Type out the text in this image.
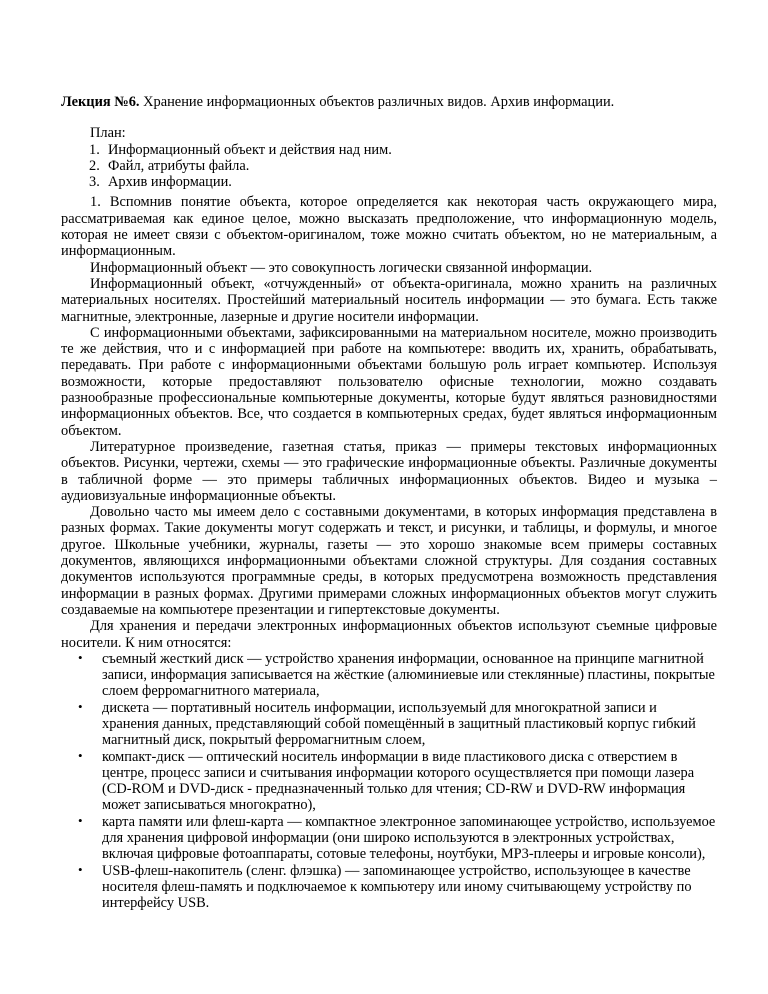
Лекция №6. Хранение информационных объектов различных видов. Архив информации.

План:

1. Информационный объект и действия над ним.
2. Файл, атрибуты файла.
3. Архив информации.

1. Вспомнив понятие объекта, которое определяется как некоторая часть окружающего мира, рассматриваемая как единое целое, можно высказать предположение, что информационную модель, которая не имеет связи с объектом-оригиналом, тоже можно считать объектом, но не материальным, а информационным.

Информационный объект — это совокупность логически связанной информации.

Информационный объект, «отчужденный» от объекта-оригинала, можно хранить на различных материальных носителях. Простейший материальный носитель информации — это бумага. Есть также магнитные, электронные, лазерные и другие носители информации.

С информационными объектами, зафиксированными на материальном носителе, можно производить те же действия, что и с информацией при работе на компьютере: вводить их, хранить, обрабатывать, передавать. При работе с информационными объектами большую роль играет компьютер. Используя возможности, которые предоставляют пользователю офисные технологии, можно создавать разнообразные профессиональные компьютерные документы, которые будут являться разновидностями информационных объектов. Все, что создается в компьютерных средах, будет являться информационным объектом.

Литературное произведение, газетная статья, приказ — примеры текстовых информационных объектов. Рисунки, чертежи, схемы — это графические информационные объекты. Различные документы в табличной форме — это примеры табличных информационных объектов. Видео и музыка – аудиовизуальные информационные объекты.

Довольно часто мы имеем дело с составными документами, в которых информация представлена в разных формах. Такие документы могут содержать и текст, и рисунки, и таблицы, и формулы, и многое другое. Школьные учебники, журналы, газеты — это хорошо знакомые всем примеры составных документов, являющихся информационными объектами сложной структуры. Для создания составных документов используются программные среды, в которых предусмотрена возможность представления информации в разных формах. Другими примерами сложных информационных объектов могут служить создаваемые на компьютере презентации и гипертекстовые документы.

Для хранения и передачи электронных информационных объектов используют съемные цифровые носители. К ним относятся:

• съемный жесткий диск — устройство хранения информации, основанное на принципе магнитной записи, информация записывается на жёсткие (алюминиевые или стеклянные) пластины, покрытые слоем ферромагнитного материала,
• дискета — портативный носитель информации, используемый для многократной записи и хранения данных, представляющий собой помещённый в защитный пластиковый корпус гибкий магнитный диск, покрытый ферромагнитным слоем,
• компакт-диск — оптический носитель информации в виде пластикового диска с отверстием в центре, процесс записи и считывания информации которого осуществляется при помощи лазера (CD-ROM и DVD-диск - предназначенный только для чтения; CD-RW и DVD-RW информация может записываться многократно),
• карта памяти или флеш-карта — компактное электронное запоминающее устройство, используемое для хранения цифровой информации (они широко используются в электронных устройствах, включая цифровые фотоаппараты, сотовые телефоны, ноутбуки, MP3-плееры и игровые консоли),
• USB-флеш-накопитель (сленг. флэшка) — запоминающее устройство, использующее в качестве носителя флеш-память и подключаемое к компьютеру или иному считывающему устройству по интерфейсу USB.
